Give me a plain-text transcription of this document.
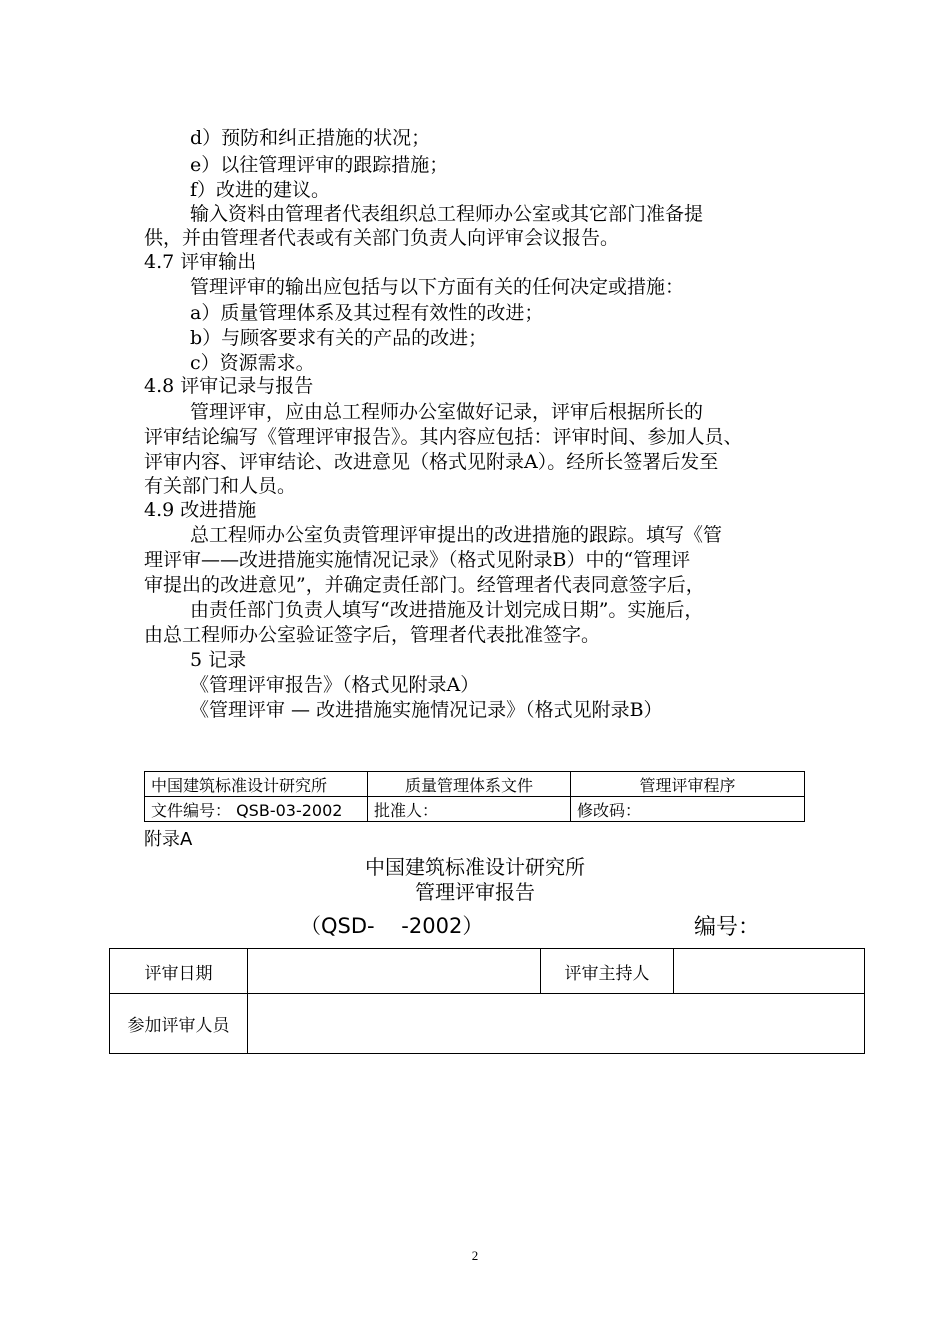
d）预防和纠正措施的状况；
e）以往管理评审的跟踪措施；
f）改进的建议。
输入资料由管理者代表组织总工程师办公室或其它部门准备提
供，并由管理者代表或有关部门负责人向评审会议报告。
4.7 评审输出
管理评审的输出应包括与以下方面有关的任何决定或措施：
a）质量管理体系及其过程有效性的改进；
b）与顾客要求有关的产品的改进；
c）资源需求。
4.8 评审记录与报告
管理评审，应由总工程师办公室做好记录，评审后根据所长的
评审结论编写《管理评审报告》。其内容应包括：评审时间、参加人员、
评审内容、评审结论、改进意见（格式见附录A）。经所长签署后发至
有关部门和人员。
4.9 改进措施
总工程师办公室负责管理评审提出的改进措施的跟踪。填写《管
理评审——改进措施实施情况记录》（格式见附录B）中的“管理评
审提出的改进意见”，并确定责任部门。经管理者代表同意签字后，
由责任部门负责人填写“改进措施及计划完成日期”。实施后，
由总工程师办公室验证签字后，管理者代表批准签字。
5 记录
《管理评审报告》（格式见附录A）
《管理评审 — 改进措施实施情况记录》（格式见附录B）
中国建筑标准设计研究所	质量管理体系文件	管理评审程序
文件编号： QSB-03-2002	批准人：	修改码：
附录A
中国建筑标准设计研究所
管理评审报告
（QSD-    -2002）	编号：
评审日期		评审主持人	
参加评审人员			
2
